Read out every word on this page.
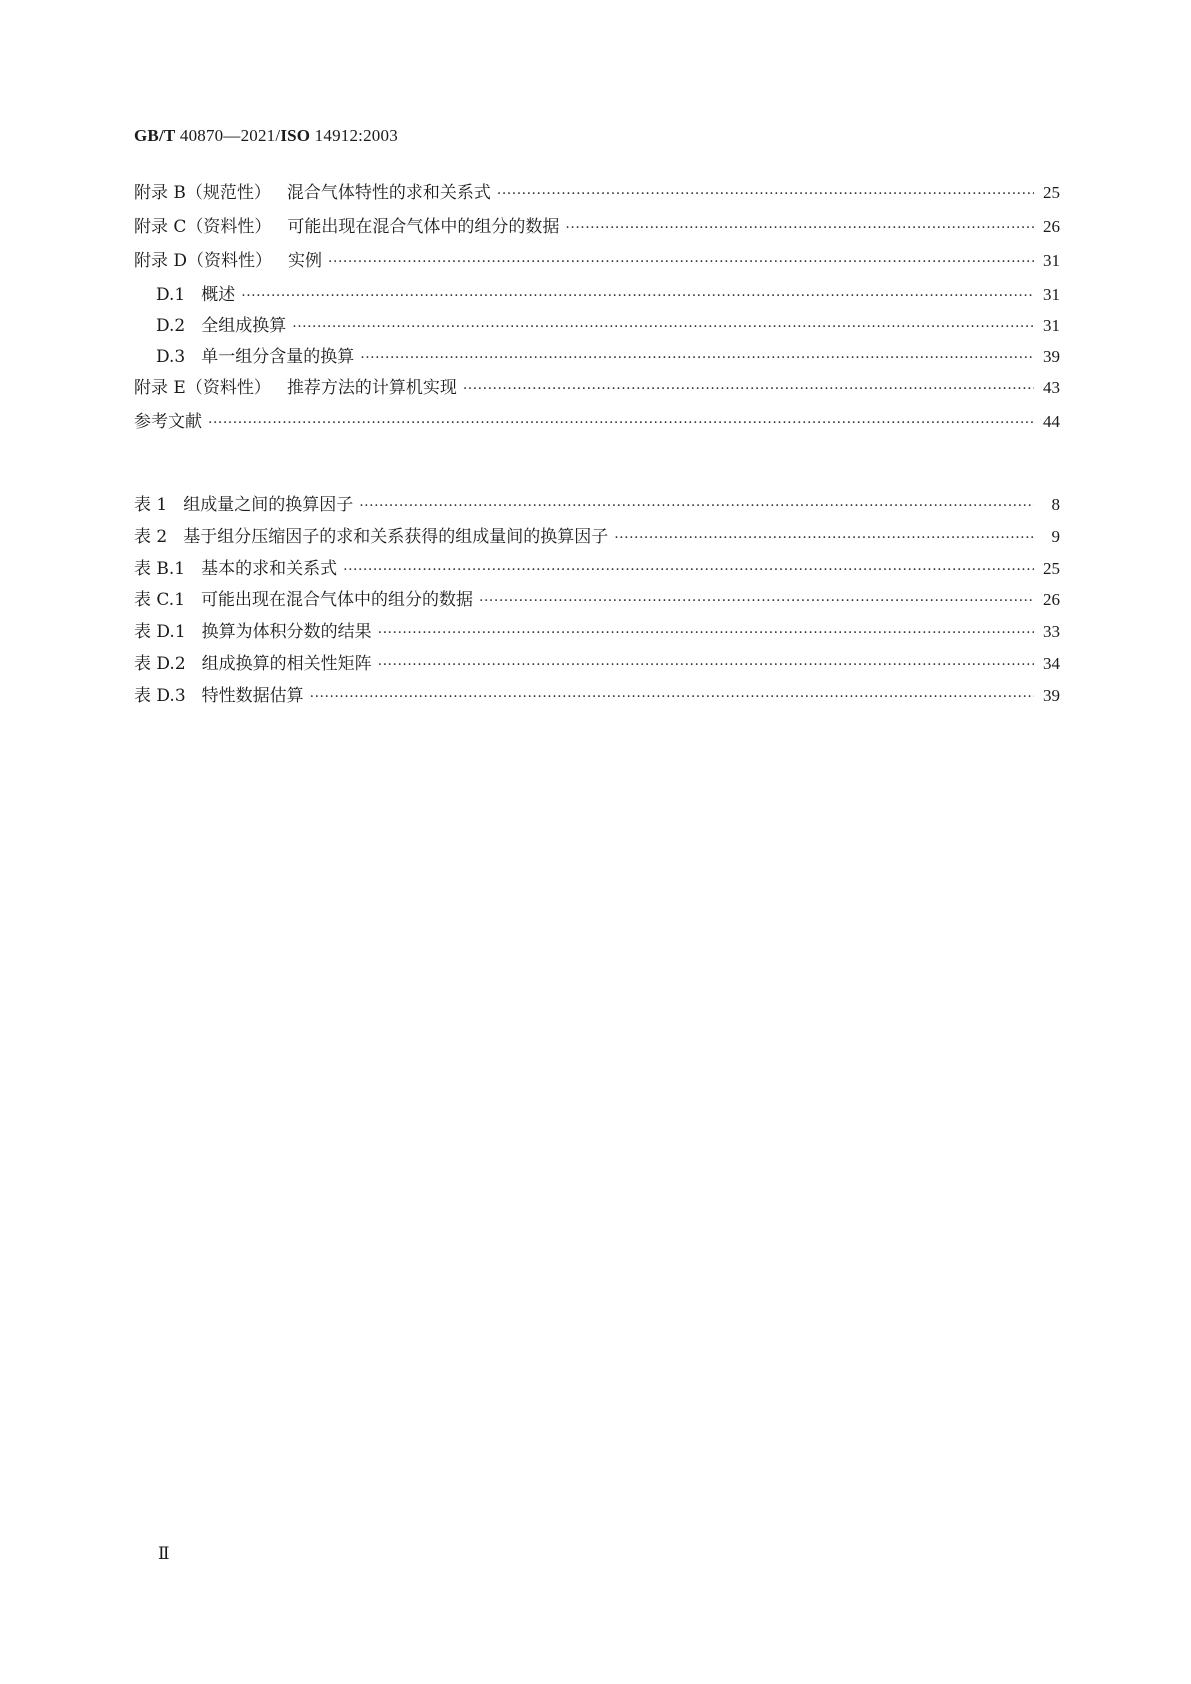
GB/T 40870—2021/ISO 14912:2003
附录 B（规范性） 混合气体特性的求和关系式 ·····	25
附录 C（资料性） 可能出现在混合气体中的组分的数据 ·····	26
附录 D（资料性） 实例 ·····	31
D.1 概述 ·····	31
D.2 全组成换算 ·····	31
D.3 单一组分含量的换算 ·····	39
附录 E（资料性） 推荐方法的计算机实现 ·····	43
参考文献 ·····	44
表 1 组成量之间的换算因子 ·····	8
表 2 基于组分压缩因子的求和关系获得的组成量间的换算因子 ·····	9
表 B.1 基本的求和关系式 ·····	25
表 C.1 可能出现在混合气体中的组分的数据 ·····	26
表 D.1 换算为体积分数的结果 ·····	33
表 D.2 组成换算的相关性矩阵 ·····	34
表 D.3 特性数据估算 ·····	39
Ⅱ
